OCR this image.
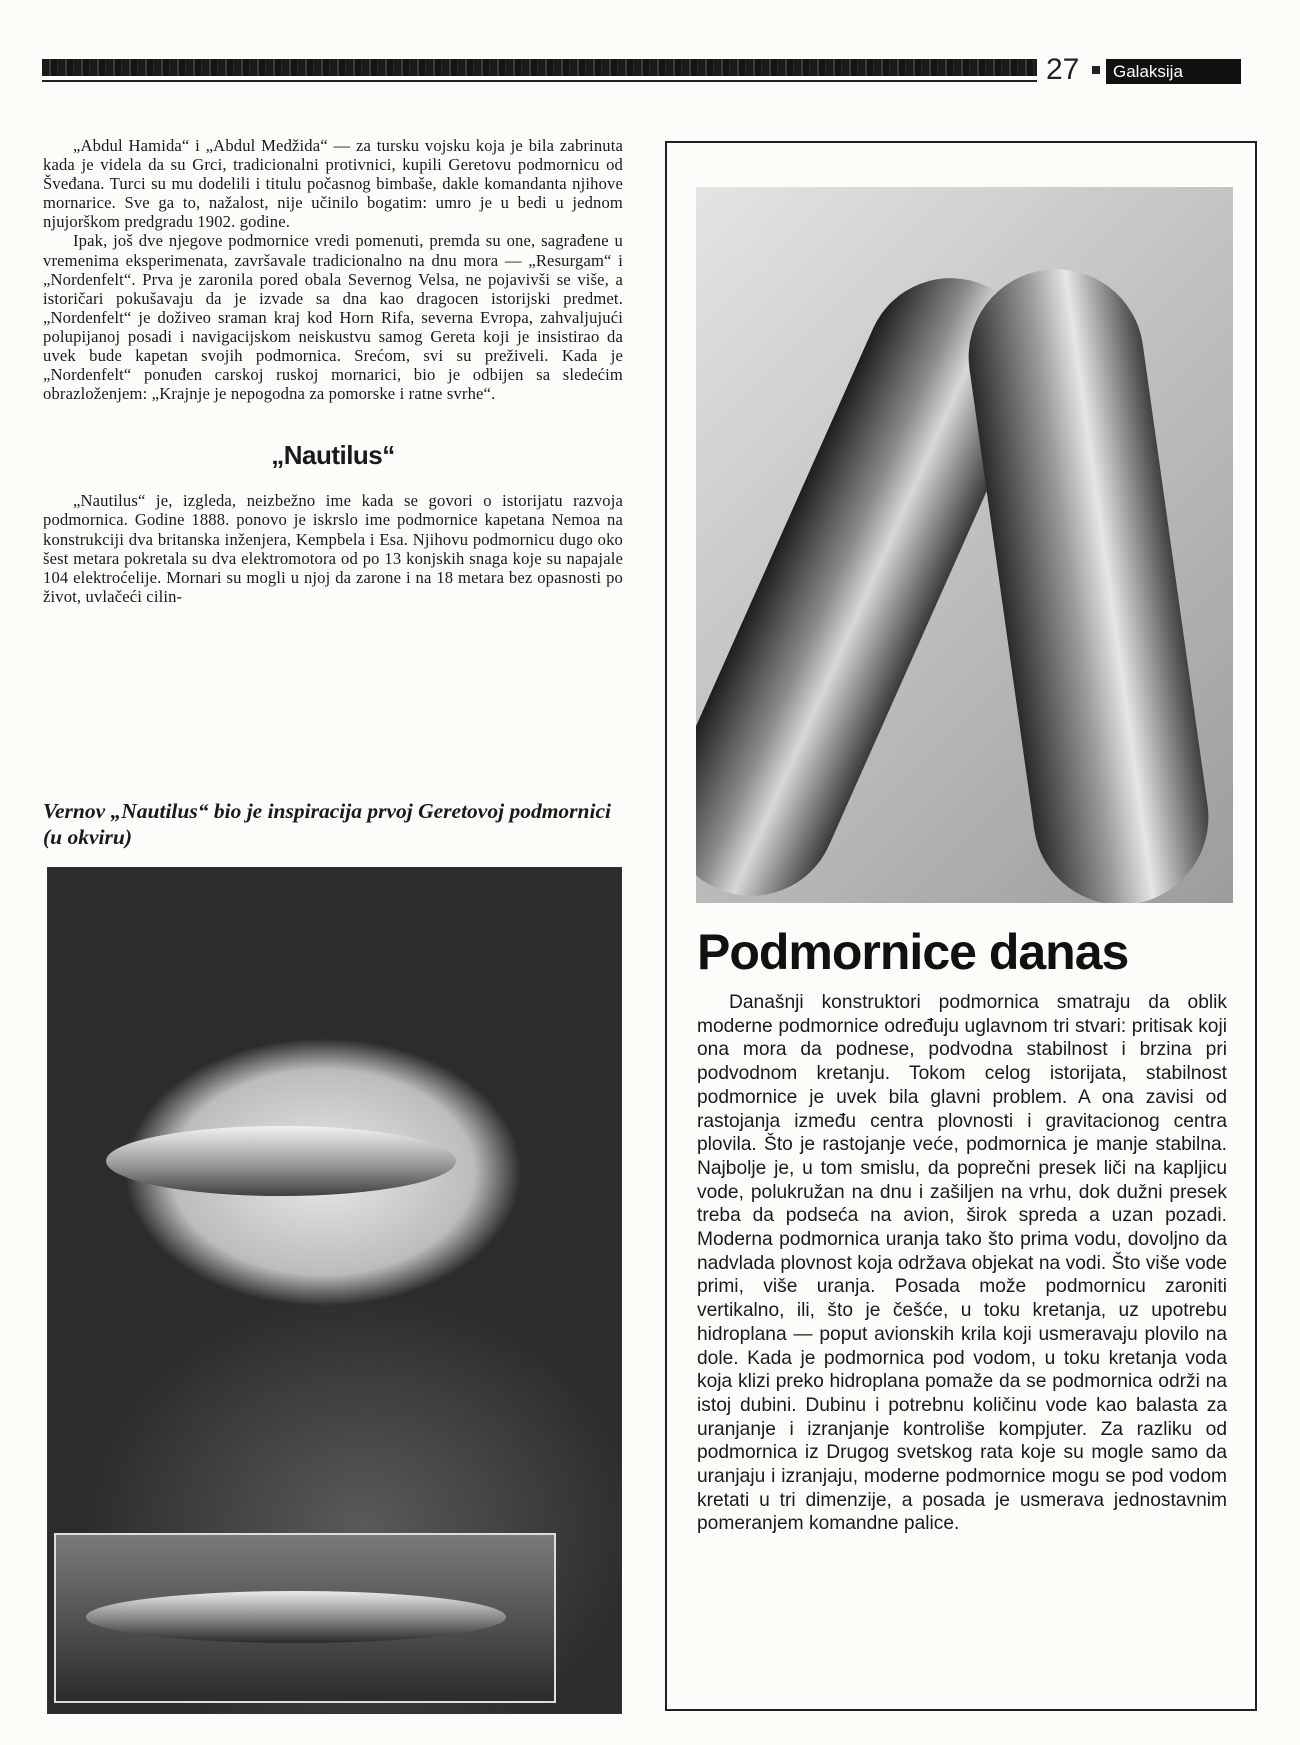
27	Galaksija

„Abdul Hamida“ i „Abdul Medžida“ — za tursku vojsku koja je bila zabrinuta kada je videla da su Grci, tradicionalni protivnici, kupili Geretovu podmornicu od Švеđana. Turci su mu dodelili i titulu počasnog bimbaše, dakle komandanta njihove mornarice. Sve ga to, nažalost, nije učinilo bogatim: umro je u bedi u jednom njujorškom predgradu 1902. godine.

Ipak, još dve njegove podmornice vredi pomenuti, premda su one, sagrađene u vremenima eksperimenata, završavale tradicionalno na dnu mora — „Resurgam“ i „Nordenfelt“. Prva je zaronila pored obala Severnog Velsa, ne pojavivši se više, a istoričari pokušavaju da je izvade sa dna kao dragocen istorijski predmet. „Nordenfelt“ je doživeo sraman kraj kod Horn Rifa, severna Evropa, zahvaljujući polupijanoj posadi i navigacijskom neiskustvu samog Gereta koji je insistirao da uvek bude kapetan svojih podmornica. Srećom, svi su preživeli. Kada je „Nordenfelt“ ponuđen carskoj ruskoj mornarici, bio je odbijen sa sledećim obrazloženjem: „Krajnje je nepogodna za pomorske i ratne svrhe“.

„Nautilus“

„Nautilus“ je, izgleda, neizbežno ime kada se govori o istorijatu razvoja podmornica. Godine 1888. ponovo je iskrslo ime podmornice kapetana Nemoa na konstrukciji dva britanska inženjera, Kempbela i Esa. Njihovu podmornicu dugo oko šest metara pokretala su dva elektromotora od po 13 konjskih snaga koje su napajale 104 elektroćelije. Mornari su mogli u njoj da zarone i na 18 metara bez opasnosti po život, uvlačeći cilin-

Vernov „Nautilus“ bio je inspiracija prvoj Geretovoj podmornici (u okviru)
Podmornice danas

Današnji konstruktori podmornica smatraju da oblik moderne podmornice određuju uglavnom tri stvari: pritisak koji ona mora da podnese, podvodna stabilnost i brzina pri podvodnom kretanju. Tokom celog istorijata, stabilnost podmornice je uvek bila glavni problem. A ona zavisi od rastojanja između centra plovnosti i gravitacionog centra plovila. Što je rastojanje veće, podmornica je manje stabilna. Najbolje je, u tom smislu, da poprečni presek liči na kapljicu vode, polukružan na dnu i zašiljen na vrhu, dok dužni presek treba da podseća na avion, širok spreda a uzan pozadi. Moderna podmornica uranja tako što prima vodu, dovoljno da nadvlada plovnost koja održava objekat na vodi. Što više vode primi, više uranja. Posada može podmornicu zaroniti vertikalno, ili, što je češće, u toku kretanja, uz upotrebu hidroplana — poput avionskih krila koji usmeravaju plovilo na dole. Kada je podmornica pod vodom, u toku kretanja voda koja klizi preko hidroplana pomaže da se podmornica održi na istoj dubini. Dubinu i potrebnu količinu vode kao balasta za uranjanje i izranjanje kontroliše kompjuter. Za razliku od podmornica iz Drugog svetskog rata koje su mogle samo da uranjaju i izranjaju, moderne podmornice mogu se pod vodom kretati u tri dimenzije, a posada je usmerava jednostavnim pomeranjem komandne palice.
